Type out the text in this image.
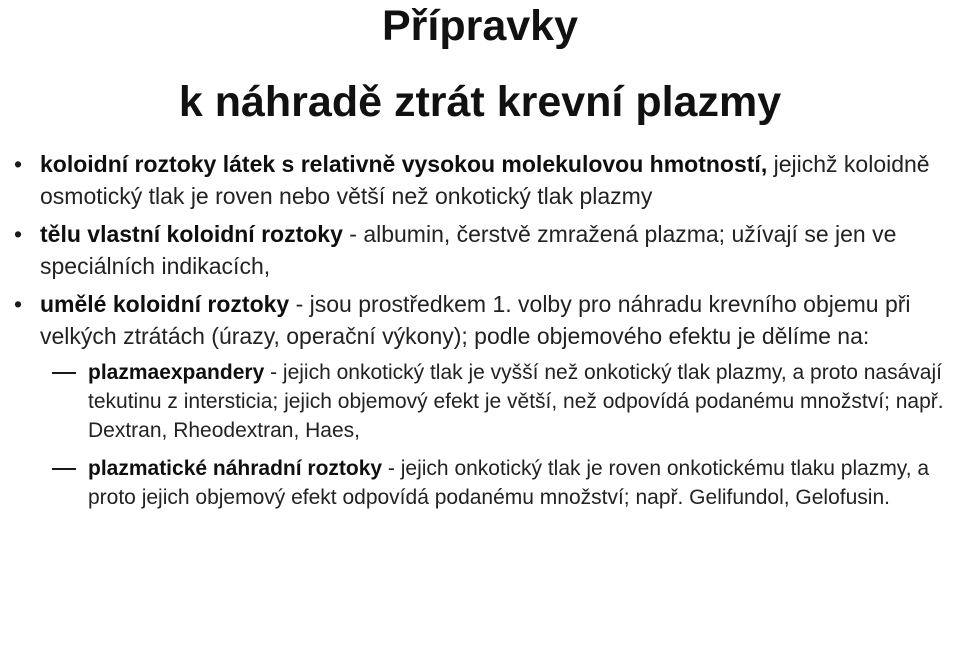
Přípravky
k náhradě ztrát krevní plazmy
• koloidní roztoky látek s relativně vysokou molekulovou hmotností, jejichž koloidně osmotický tlak je roven nebo větší než onkotický tlak plazmy
• tělu vlastní koloidní roztoky - albumin, čerstvě zmražená plazma; užívají se jen ve speciálních indikacích,
• umělé koloidní roztoky - jsou prostředkem 1. volby pro náhradu krevního objemu při velkých ztrátách (úrazy, operační výkony); podle objemového efektu je dělíme na:
plazmaexpandery - jejich onkotický tlak je vyšší než onkotický tlak plazmy, a proto nasávají tekutinu z intersticia; jejich objemový efekt je větší, než odpovídá podanému množství; např. Dextran, Rheodextran, Haes,
plazmatické náhradní roztoky - jejich onkotický tlak je roven onkotickému tlaku plazmy, a proto jejich objemový efekt odpovídá podanému množství; např. Gelifundol, Gelofusin.
